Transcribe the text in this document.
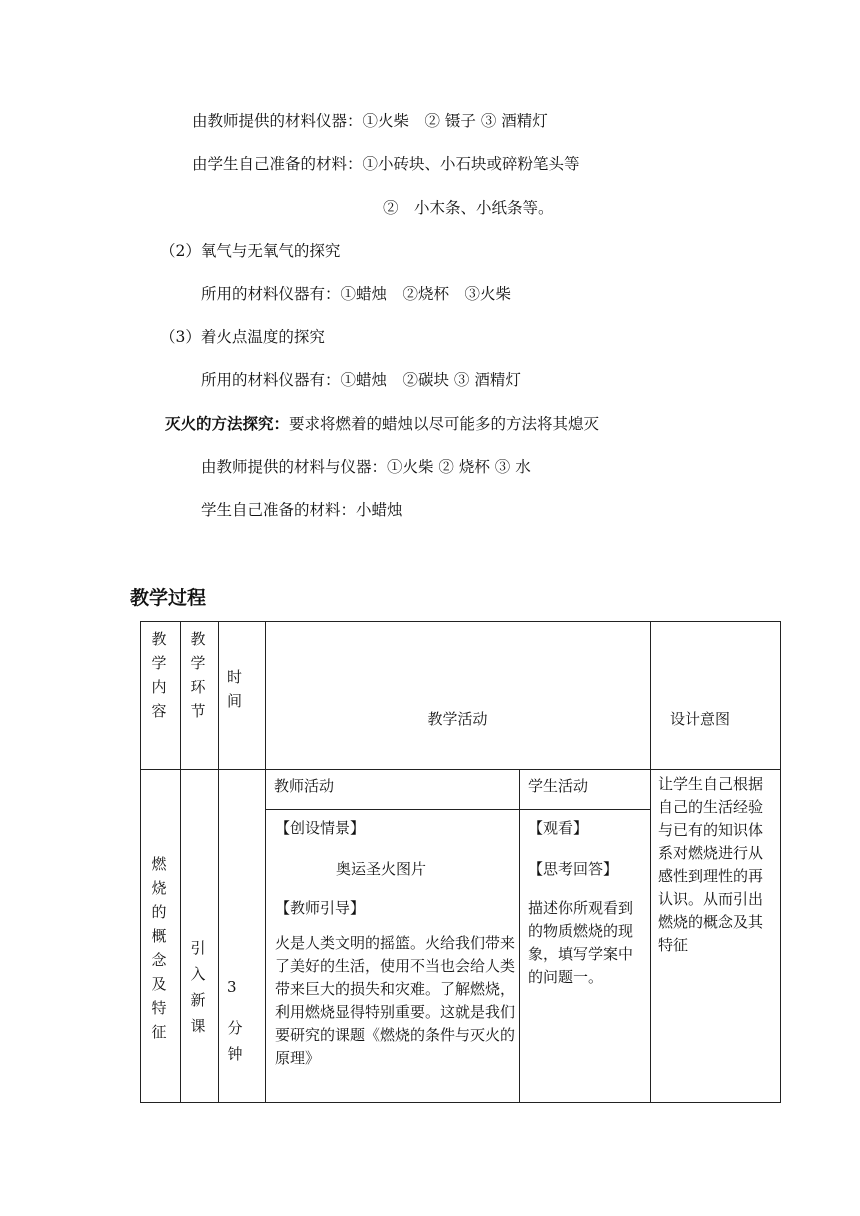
由教师提供的材料仪器：①火柴　② 镊子 ③ 酒精灯
由学生自己准备的材料：①小砖块、小石块或碎粉笔头等
②　小木条、小纸条等。
（2）氧气与无氧气的探究
所用的材料仪器有：①蜡烛　②烧杯　③火柴
（3）着火点温度的探究
所用的材料仪器有：①蜡烛　②碳块 ③ 酒精灯
灭火的方法探究：要求将燃着的蜡烛以尽可能多的方法将其熄灭
由教师提供的材料与仪器：①火柴 ② 烧杯 ③ 水
学生自己准备的材料：小蜡烛
教学过程
教学内容
教学环节
时间
教学活动	设计意图
教师活动	学生活动
燃烧的概念及特征
引入新课
3
分钟
【创设情景】
奥运圣火图片
【教师引导】
火是人类文明的摇篮。火给我们带来了美好的生活，使用不当也会给人类带来巨大的损失和灾难。了解燃烧，利用燃烧显得特别重要。这就是我们要研究的课题《燃烧的条件与灭火的原理》
【观看】
【思考回答】
描述你所观看到的物质燃烧的现象，填写学案中的问题一。
让学生自己根据自己的生活经验与已有的知识体系对燃烧进行从感性到理性的再认识。从而引出燃烧的概念及其特征
